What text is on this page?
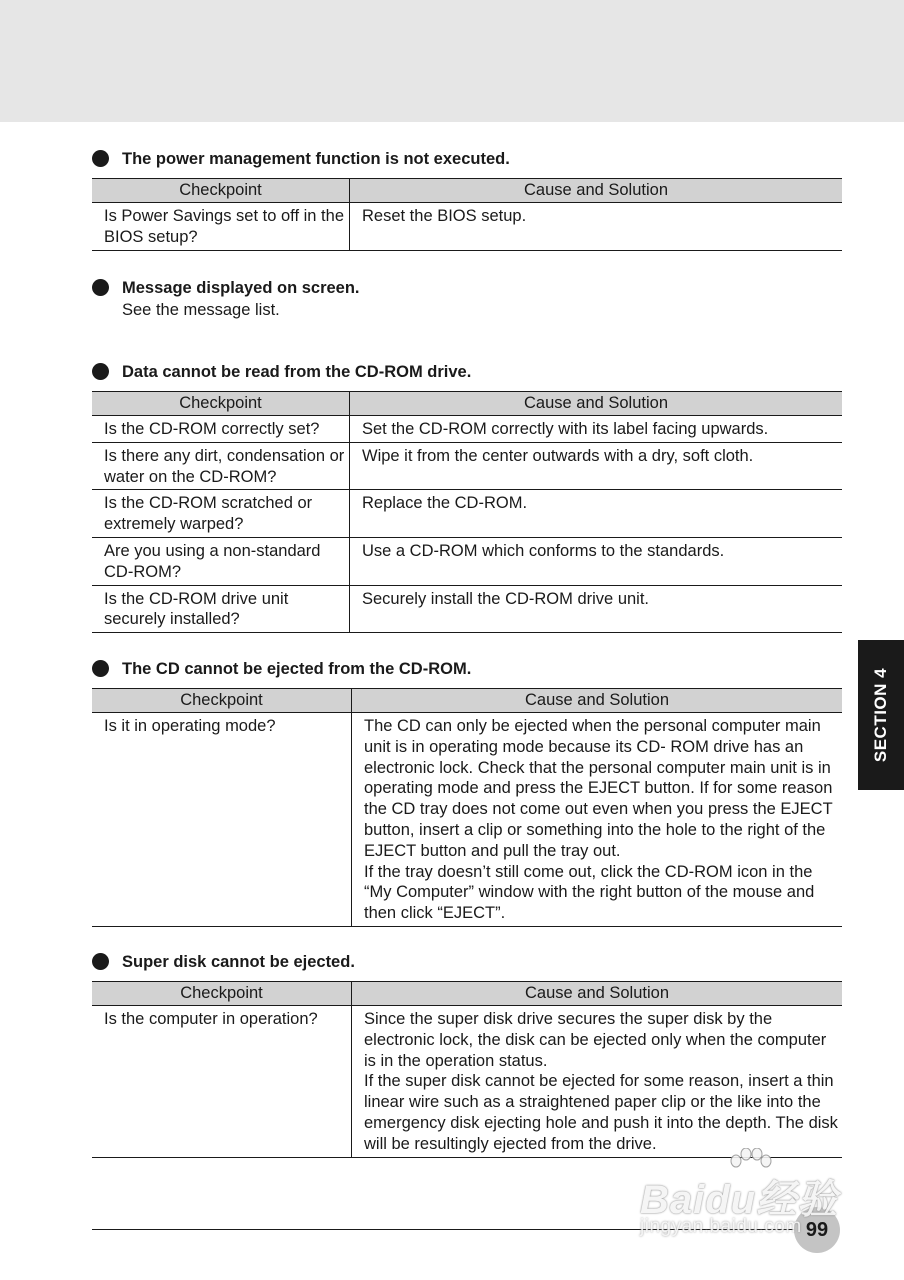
The power management function is not executed.
Checkpoint	Cause and Solution
Is Power Savings set to off in the BIOS setup?	Reset the BIOS setup.
Message displayed on screen.
See the message list.
Data cannot be read from the CD-ROM drive.
Checkpoint	Cause and Solution
Is the CD-ROM correctly set?	Set the CD-ROM correctly with its label facing upwards.
Is there any dirt, condensation or water on the CD-ROM?	Wipe it from the center outwards with a dry, soft cloth.
Is the CD-ROM scratched or extremely warped?	Replace the CD-ROM.
Are you using a non-standard CD-ROM?	Use a CD-ROM which conforms to the standards.
Is the CD-ROM drive unit securely installed?	Securely install the CD-ROM drive unit.
The CD cannot be ejected from the CD-ROM.
Checkpoint	Cause and Solution
Is it in operating mode?	The CD can only be ejected when the personal computer main unit is in operating mode because its CD- ROM drive has an electronic lock. Check that the personal computer main unit is in operating mode and press the EJECT button. If for some reason the CD tray does not come out even when you press the EJECT button, insert a clip or something into the hole to the right of the EJECT button and pull the tray out.
If the tray doesn’t still come out, click the CD-ROM icon in the “My Computer” window with the right button of the mouse and then click “EJECT”.
Super disk cannot be ejected.
Checkpoint	Cause and Solution
Is the computer in operation?	Since the super disk drive secures the super disk by the electronic lock, the disk can be ejected only when the computer is in the operation status.
If the super disk cannot be ejected for some reason, insert a thin linear wire such as a straightened paper clip or the like into the emergency disk ejecting hole and push it into the depth. The disk will be resultingly ejected from the drive.
SECTION 4
99
Baidu经验
jingyan.baidu.com
